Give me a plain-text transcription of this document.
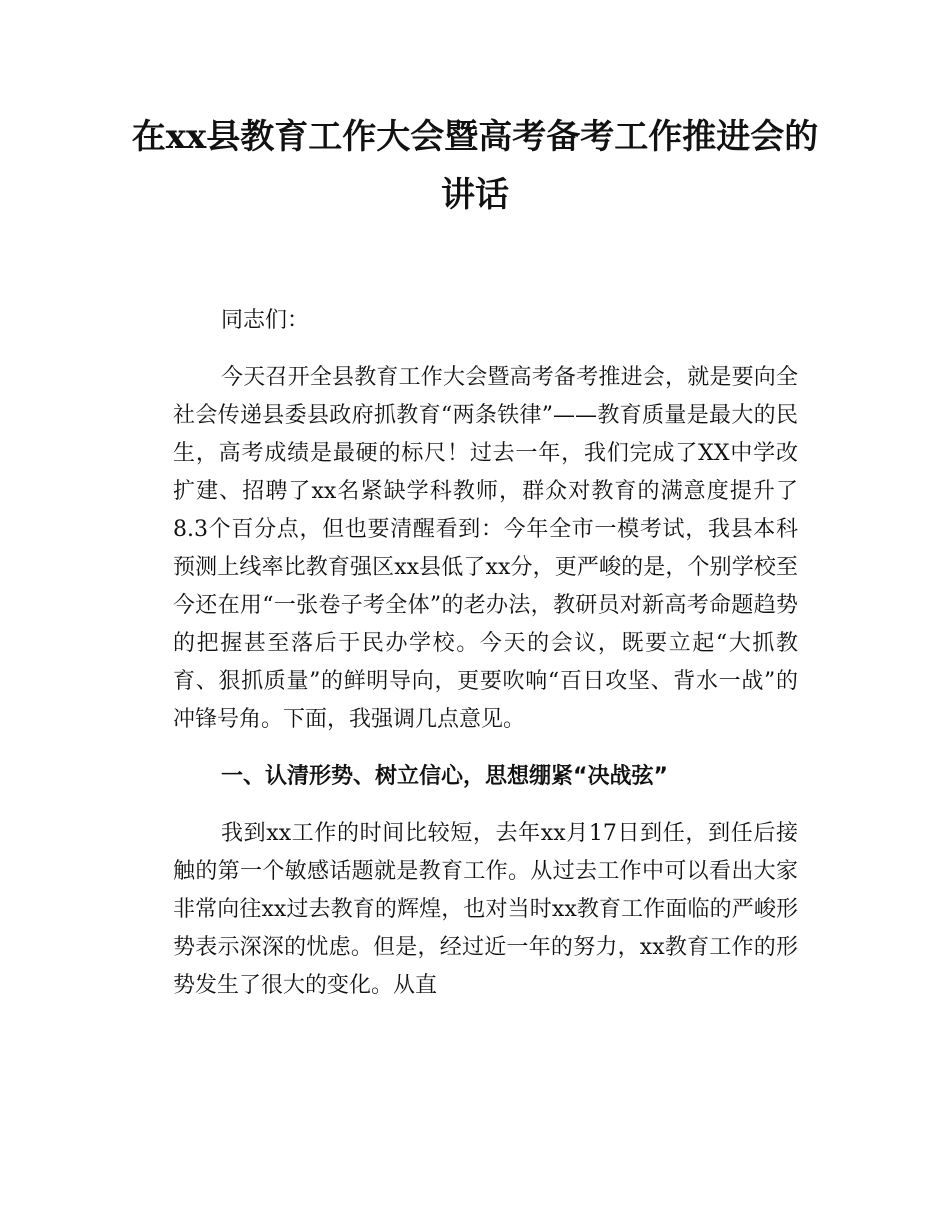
在xx县教育工作大会暨高考备考工作推进会的讲话

同志们：

今天召开全县教育工作大会暨高考备考推进会，就是要向全社会传递县委县政府抓教育“两条铁律”——教育质量是最大的民生，高考成绩是最硬的标尺！过去一年，我们完成了XX中学改扩建、招聘了xx名紧缺学科教师，群众对教育的满意度提升了8.3个百分点，但也要清醒看到：今年全市一模考试，我县本科预测上线率比教育强区xx县低了xx分，更严峻的是，个别学校至今还在用“一张卷子考全体”的老办法，教研员对新高考命题趋势的把握甚至落后于民办学校。今天的会议，既要立起“大抓教育、狠抓质量”的鲜明导向，更要吹响“百日攻坚、背水一战”的冲锋号角。下面，我强调几点意见。

一、认清形势、树立信心，思想绷紧“决战弦”

我到xx工作的时间比较短，去年xx月17日到任，到任后接触的第一个敏感话题就是教育工作。从过去工作中可以看出大家非常向往xx过去教育的辉煌，也对当时xx教育工作面临的严峻形势表示深深的忧虑。但是，经过近一年的努力，xx教育工作的形势发生了很大的变化。从直
